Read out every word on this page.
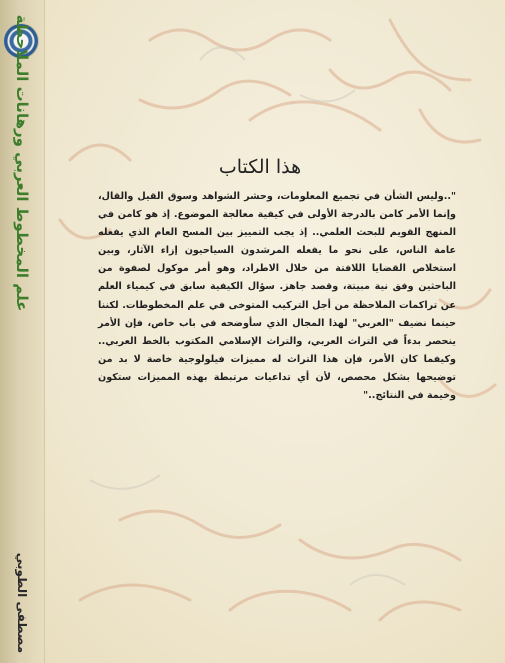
علم المخطوط العربي ورهانات الملاحظة
مصطفى الطوبي
هذا الكتاب

"..وليس الشأن في تجميع المعلومات، وحشر الشواهد وسوق القيل والقال، وإنما الأمر كامن بالدرجة الأولى في كيفية معالجة الموضوع. إذ هو كامن في المنهج القويم للبحث العلمي.. إذ يجب التمييز بين المسح العام الذي يفعله عامة الناس، على نحو ما يفعله المرشدون السياحيون إزاء الآثار، وبين استخلاص القضايا اللافتة من خلال الاطراد، وهو أمر موكول لصفوة من الباحثين وفق نية مبيتة، وقصد جاهز. سؤال الكيفية سابق في كيمياء العلم عن تراكمات الملاحظة من أجل التركيب المتوخى في علم المخطوطات. لكننا حينما نضيف "العربي" لهذا المجال الذي سأوضحه في باب خاص، فإن الأمر ينحصر بدءاً في التراث العربي، والتراث الإسلامي المكتوب بالخط العربي.. وكيفما كان الأمر، فإن هذا التراث له مميزات فيلولوجية خاصة لا بد من توضيحها بشكل محصص، لأن أي تداعيات مرتبطة بهذه المميزات ستكون وخيمة في النتائج.."
